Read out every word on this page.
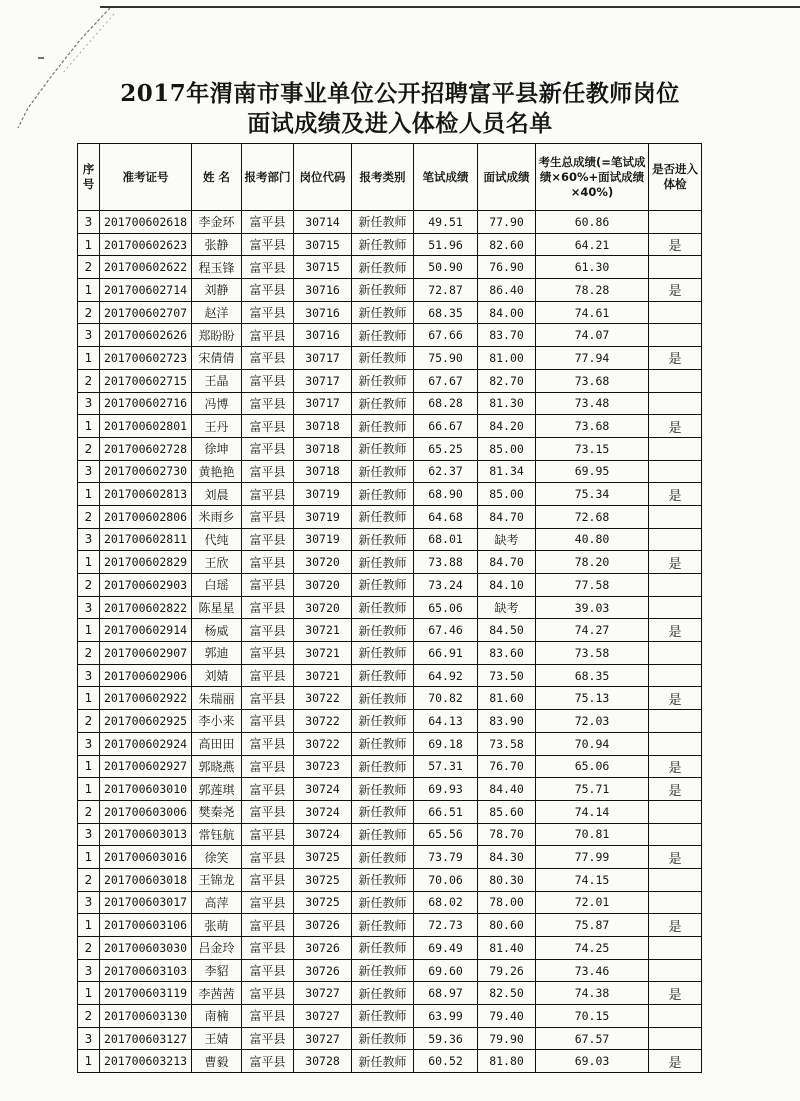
2017年渭南市事业单位公开招聘富平县新任教师岗位
面试成绩及进入体检人员名单
序号	准考证号	姓 名	报考部门	岗位代码	报考类别	笔试成绩	面试成绩	考生总成绩(=笔试成绩×60%+面试成绩×40%)	是否进入体检
3	201700602618	李金环	富平县	30714	新任教师	49.51	77.90	60.86	
1	201700602623	张静	富平县	30715	新任教师	51.96	82.60	64.21	是
2	201700602622	程玉锋	富平县	30715	新任教师	50.90	76.90	61.30	
1	201700602714	刘静	富平县	30716	新任教师	72.87	86.40	78.28	是
2	201700602707	赵洋	富平县	30716	新任教师	68.35	84.00	74.61	
3	201700602626	郑盼盼	富平县	30716	新任教师	67.66	83.70	74.07	
1	201700602723	宋倩倩	富平县	30717	新任教师	75.90	81.00	77.94	是
2	201700602715	王晶	富平县	30717	新任教师	67.67	82.70	73.68	
3	201700602716	冯博	富平县	30717	新任教师	68.28	81.30	73.48	
1	201700602801	王丹	富平县	30718	新任教师	66.67	84.20	73.68	是
2	201700602728	徐坤	富平县	30718	新任教师	65.25	85.00	73.15	
3	201700602730	黄艳艳	富平县	30718	新任教师	62.37	81.34	69.95	
1	201700602813	刘晨	富平县	30719	新任教师	68.90	85.00	75.34	是
2	201700602806	米雨乡	富平县	30719	新任教师	64.68	84.70	72.68	
3	201700602811	代纯	富平县	30719	新任教师	68.01	缺考	40.80	
1	201700602829	王欣	富平县	30720	新任教师	73.88	84.70	78.20	是
2	201700602903	白瑶	富平县	30720	新任教师	73.24	84.10	77.58	
3	201700602822	陈星星	富平县	30720	新任教师	65.06	缺考	39.03	
1	201700602914	杨威	富平县	30721	新任教师	67.46	84.50	74.27	是
2	201700602907	郭迪	富平县	30721	新任教师	66.91	83.60	73.58	
3	201700602906	刘婧	富平县	30721	新任教师	64.92	73.50	68.35	
1	201700602922	朱瑞丽	富平县	30722	新任教师	70.82	81.60	75.13	是
2	201700602925	李小来	富平县	30722	新任教师	64.13	83.90	72.03	
3	201700602924	高田田	富平县	30722	新任教师	69.18	73.58	70.94	
1	201700602927	郭晓燕	富平县	30723	新任教师	57.31	76.70	65.06	是
1	201700603010	郭莲琪	富平县	30724	新任教师	69.93	84.40	75.71	是
2	201700603006	樊秦尧	富平县	30724	新任教师	66.51	85.60	74.14	
3	201700603013	常钰航	富平县	30724	新任教师	65.56	78.70	70.81	
1	201700603016	徐笑	富平县	30725	新任教师	73.79	84.30	77.99	是
2	201700603018	王锦龙	富平县	30725	新任教师	70.06	80.30	74.15	
3	201700603017	高萍	富平县	30725	新任教师	68.02	78.00	72.01	
1	201700603106	张萌	富平县	30726	新任教师	72.73	80.60	75.87	是
2	201700603030	吕金玲	富平县	30726	新任教师	69.49	81.40	74.25	
3	201700603103	李貂	富平县	30726	新任教师	69.60	79.26	73.46	
1	201700603119	李茜茜	富平县	30727	新任教师	68.97	82.50	74.38	是
2	201700603130	南楠	富平县	30727	新任教师	63.99	79.40	70.15	
3	201700603127	王婧	富平县	30727	新任教师	59.36	79.90	67.57	
1	201700603213	曹毅	富平县	30728	新任教师	60.52	81.80	69.03	是
